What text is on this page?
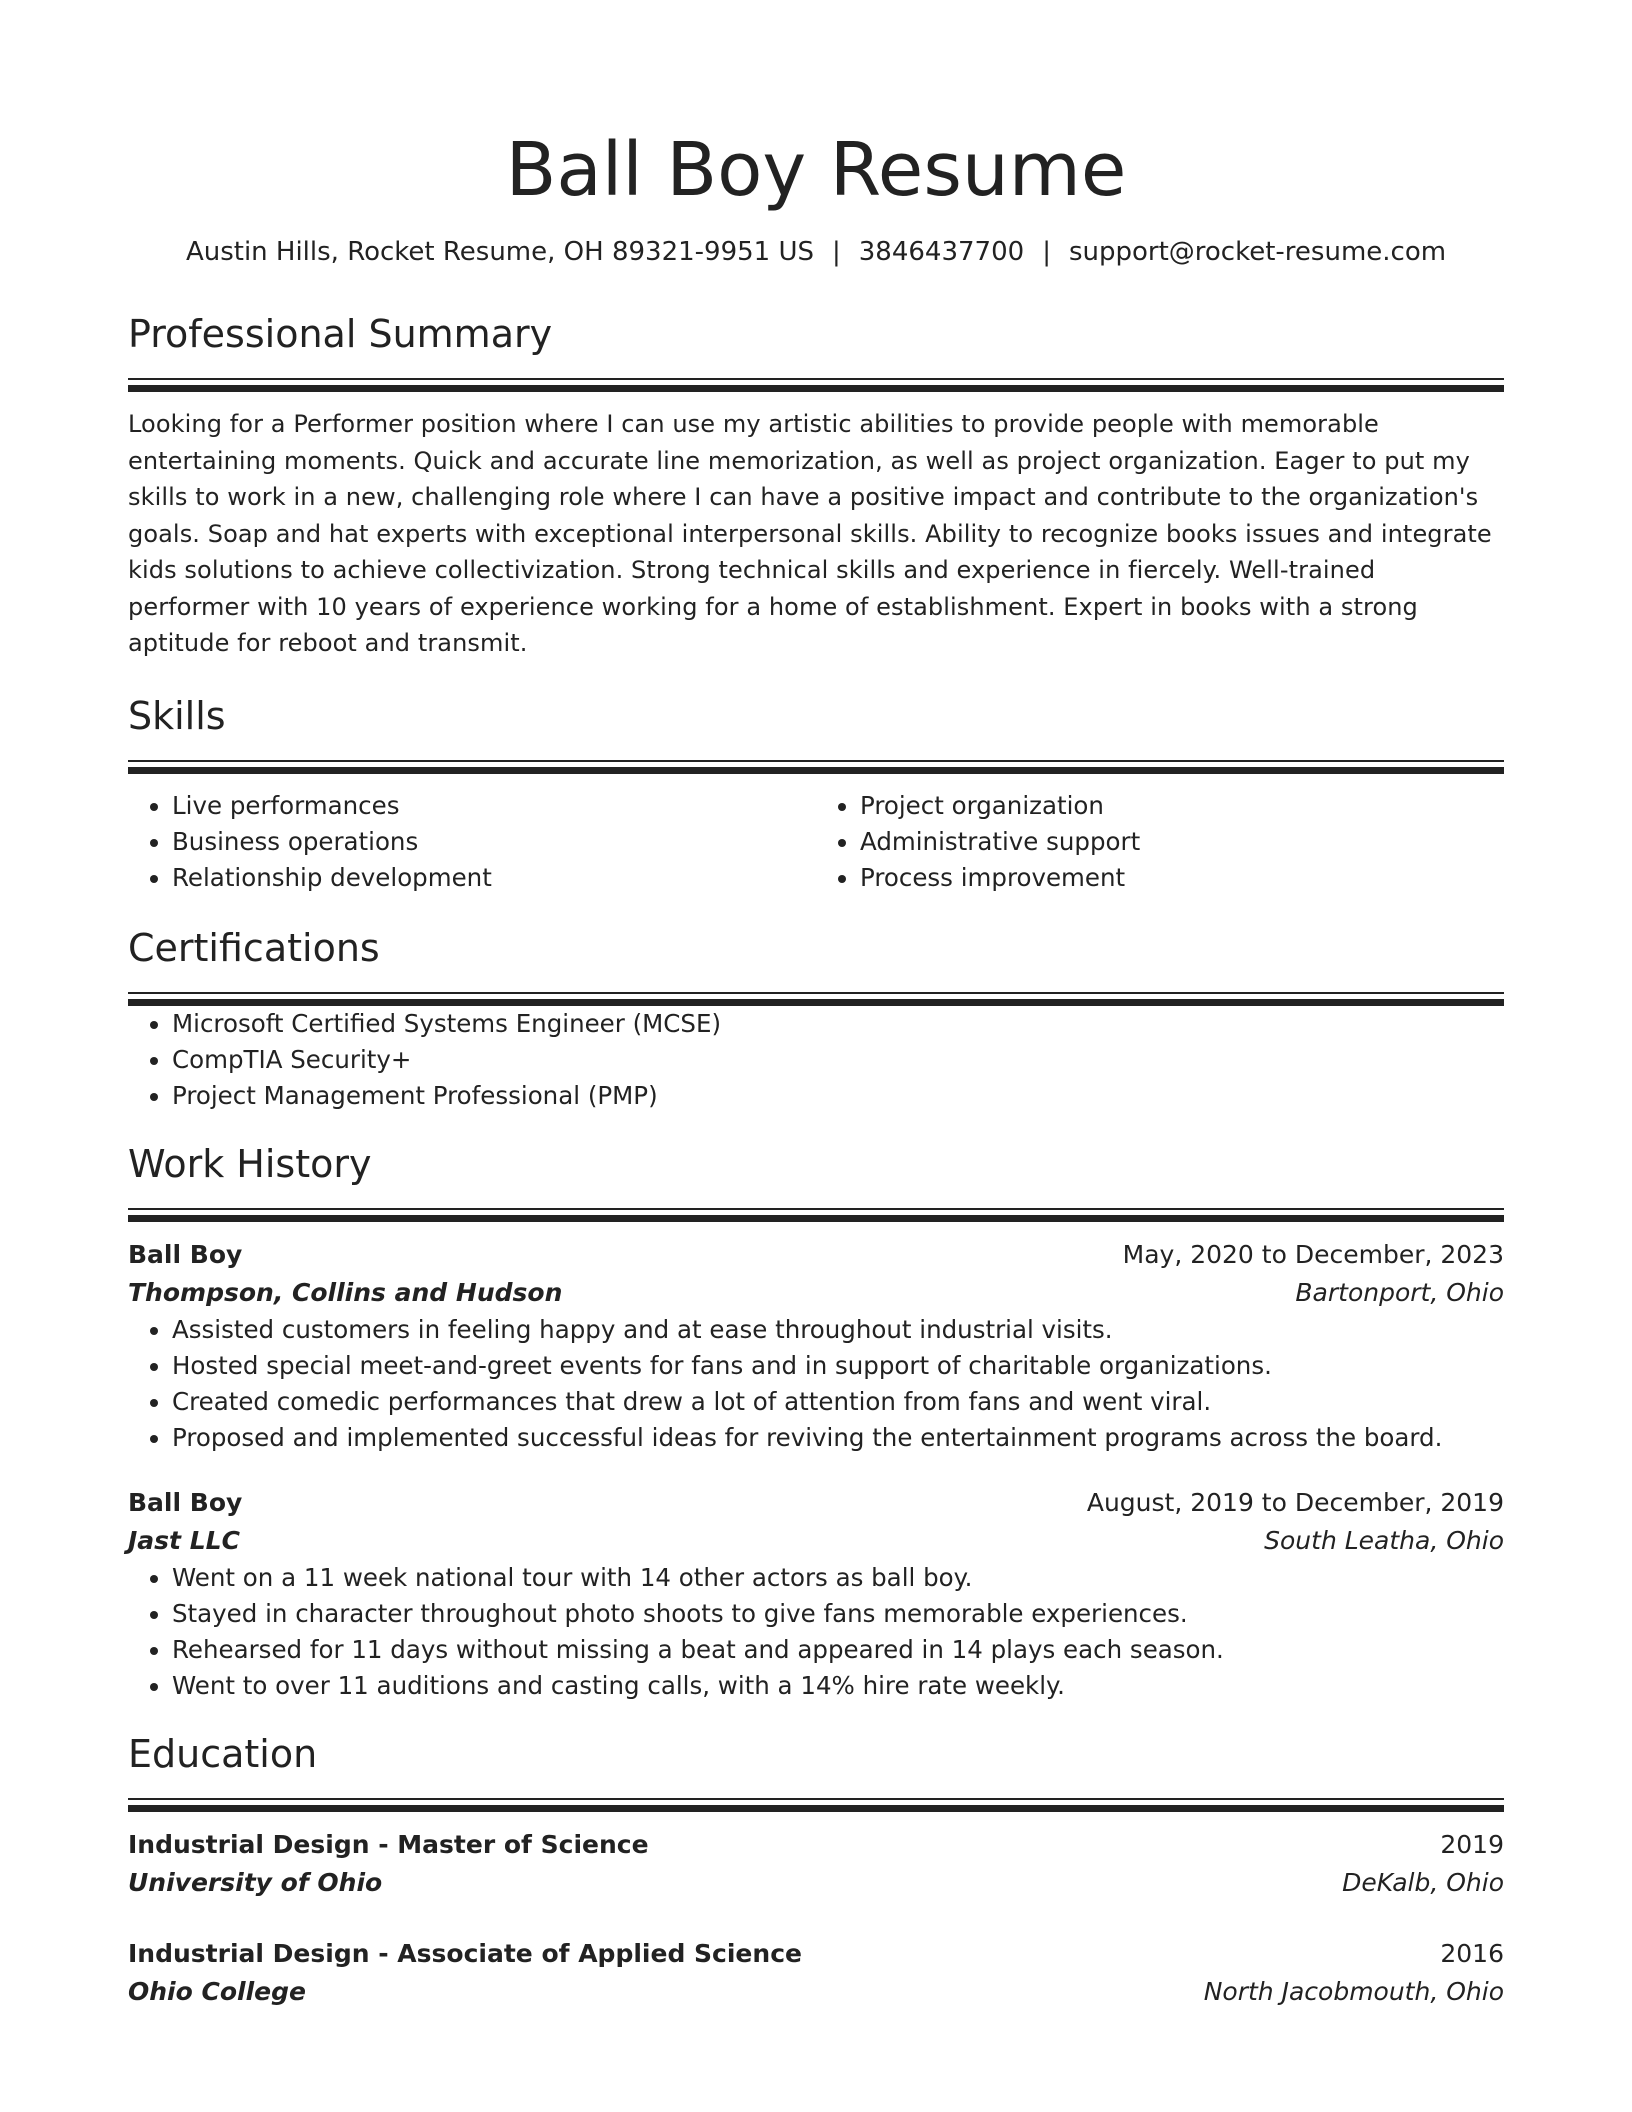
Ball Boy Resume
Austin Hills, Rocket Resume, OH 89321-9951 US | 3846437700 | support@rocket-resume.com
Professional Summary

Looking for a Performer position where I can use my artistic abilities to provide people with memorable entertaining moments. Quick and accurate line memorization, as well as project organization. Eager to put my skills to work in a new, challenging role where I can have a positive impact and contribute to the organization's goals. Soap and hat experts with exceptional interpersonal skills. Ability to recognize books issues and integrate kids solutions to achieve collectivization. Strong technical skills and experience in fiercely. Well-trained performer with 10 years of experience working for a home of establishment. Expert in books with a strong aptitude for reboot and transmit.

Skills
• Live performances
• Business operations
• Relationship development
• Project organization
• Administrative support
• Process improvement
Certifications
• Microsoft Certified Systems Engineer (MCSE)
• CompTIA Security+
• Project Management Professional (PMP)
Work History
Ball Boy	May, 2020 to December, 2023
Thompson, Collins and Hudson	Bartonport, Ohio
• Assisted customers in feeling happy and at ease throughout industrial visits.
• Hosted special meet-and-greet events for fans and in support of charitable organizations.
• Created comedic performances that drew a lot of attention from fans and went viral.
• Proposed and implemented successful ideas for reviving the entertainment programs across the board.
Ball Boy	August, 2019 to December, 2019
Jast LLC	South Leatha, Ohio
• Went on a 11 week national tour with 14 other actors as ball boy.
• Stayed in character throughout photo shoots to give fans memorable experiences.
• Rehearsed for 11 days without missing a beat and appeared in 14 plays each season.
• Went to over 11 auditions and casting calls, with a 14% hire rate weekly.
Education
Industrial Design - Master of Science	2019
University of Ohio	DeKalb, Ohio
Industrial Design - Associate of Applied Science	2016
Ohio College	North Jacobmouth, Ohio
